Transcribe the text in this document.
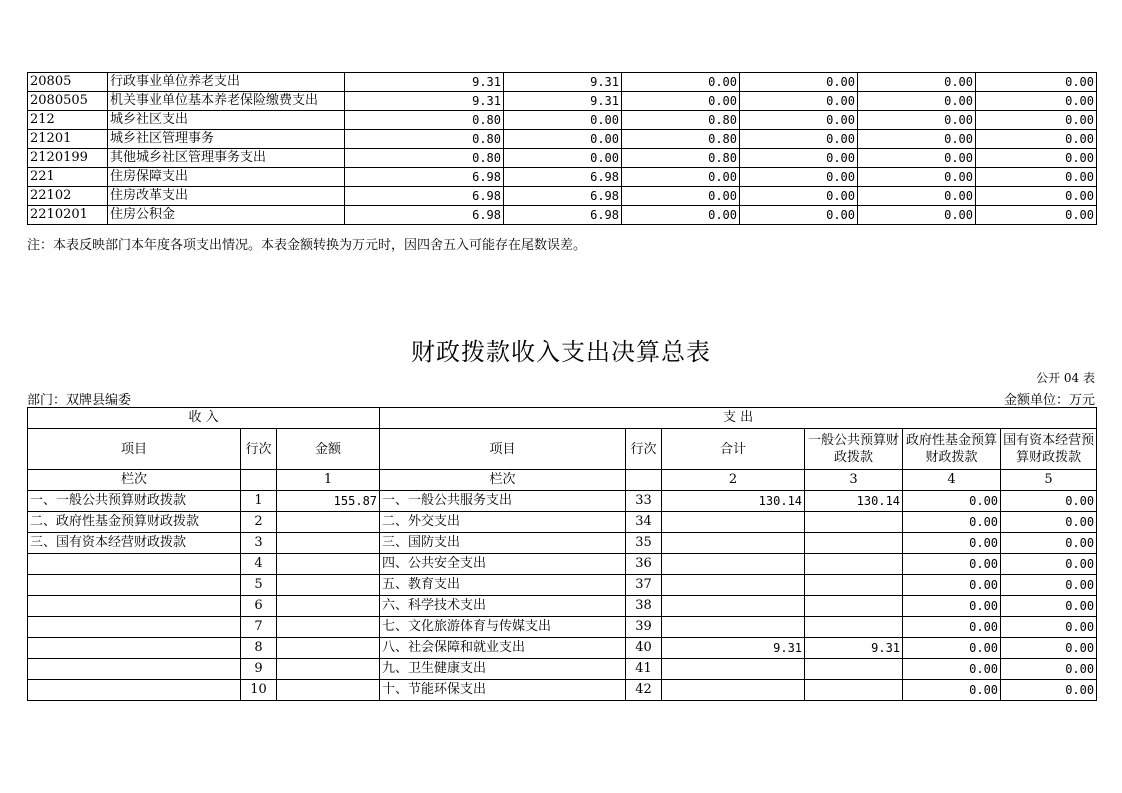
20805	行政事业单位养老支出	9.31	9.31	0.00	0.00	0.00	0.00
2080505	机关事业单位基本养老保险缴费支出	9.31	9.31	0.00	0.00	0.00	0.00
212	城乡社区支出	0.80	0.00	0.80	0.00	0.00	0.00
21201	城乡社区管理事务	0.80	0.00	0.80	0.00	0.00	0.00
2120199	其他城乡社区管理事务支出	0.80	0.00	0.80	0.00	0.00	0.00
221	住房保障支出	6.98	6.98	0.00	0.00	0.00	0.00
22102	住房改革支出	6.98	6.98	0.00	0.00	0.00	0.00
2210201	住房公积金	6.98	6.98	0.00	0.00	0.00	0.00
注：本表反映部门本年度各项支出情况。本表金额转换为万元时，因四舍五入可能存在尾数误差。
财政拨款收入支出决算总表
公开 04 表
部门：双牌县编委	金额单位：万元
收 入			支 出					
项目	行次	金额	项目	行次	合计	一般公共预算财政拨款	政府性基金预算财政拨款	国有资本经营预算财政拨款
栏次		1	栏次		2	3	4	5
一、一般公共预算财政拨款	1	155.87	一、一般公共服务支出	33	130.14	130.14	0.00	0.00
二、政府性基金预算财政拨款	2		二、外交支出	34			0.00	0.00
三、国有资本经营财政拨款	3		三、国防支出	35			0.00	0.00
	4		四、公共安全支出	36			0.00	0.00
	5		五、教育支出	37			0.00	0.00
	6		六、科学技术支出	38			0.00	0.00
	7		七、文化旅游体育与传媒支出	39			0.00	0.00
	8		八、社会保障和就业支出	40	9.31	9.31	0.00	0.00
	9		九、卫生健康支出	41			0.00	0.00
	10		十、节能环保支出	42			0.00	0.00
